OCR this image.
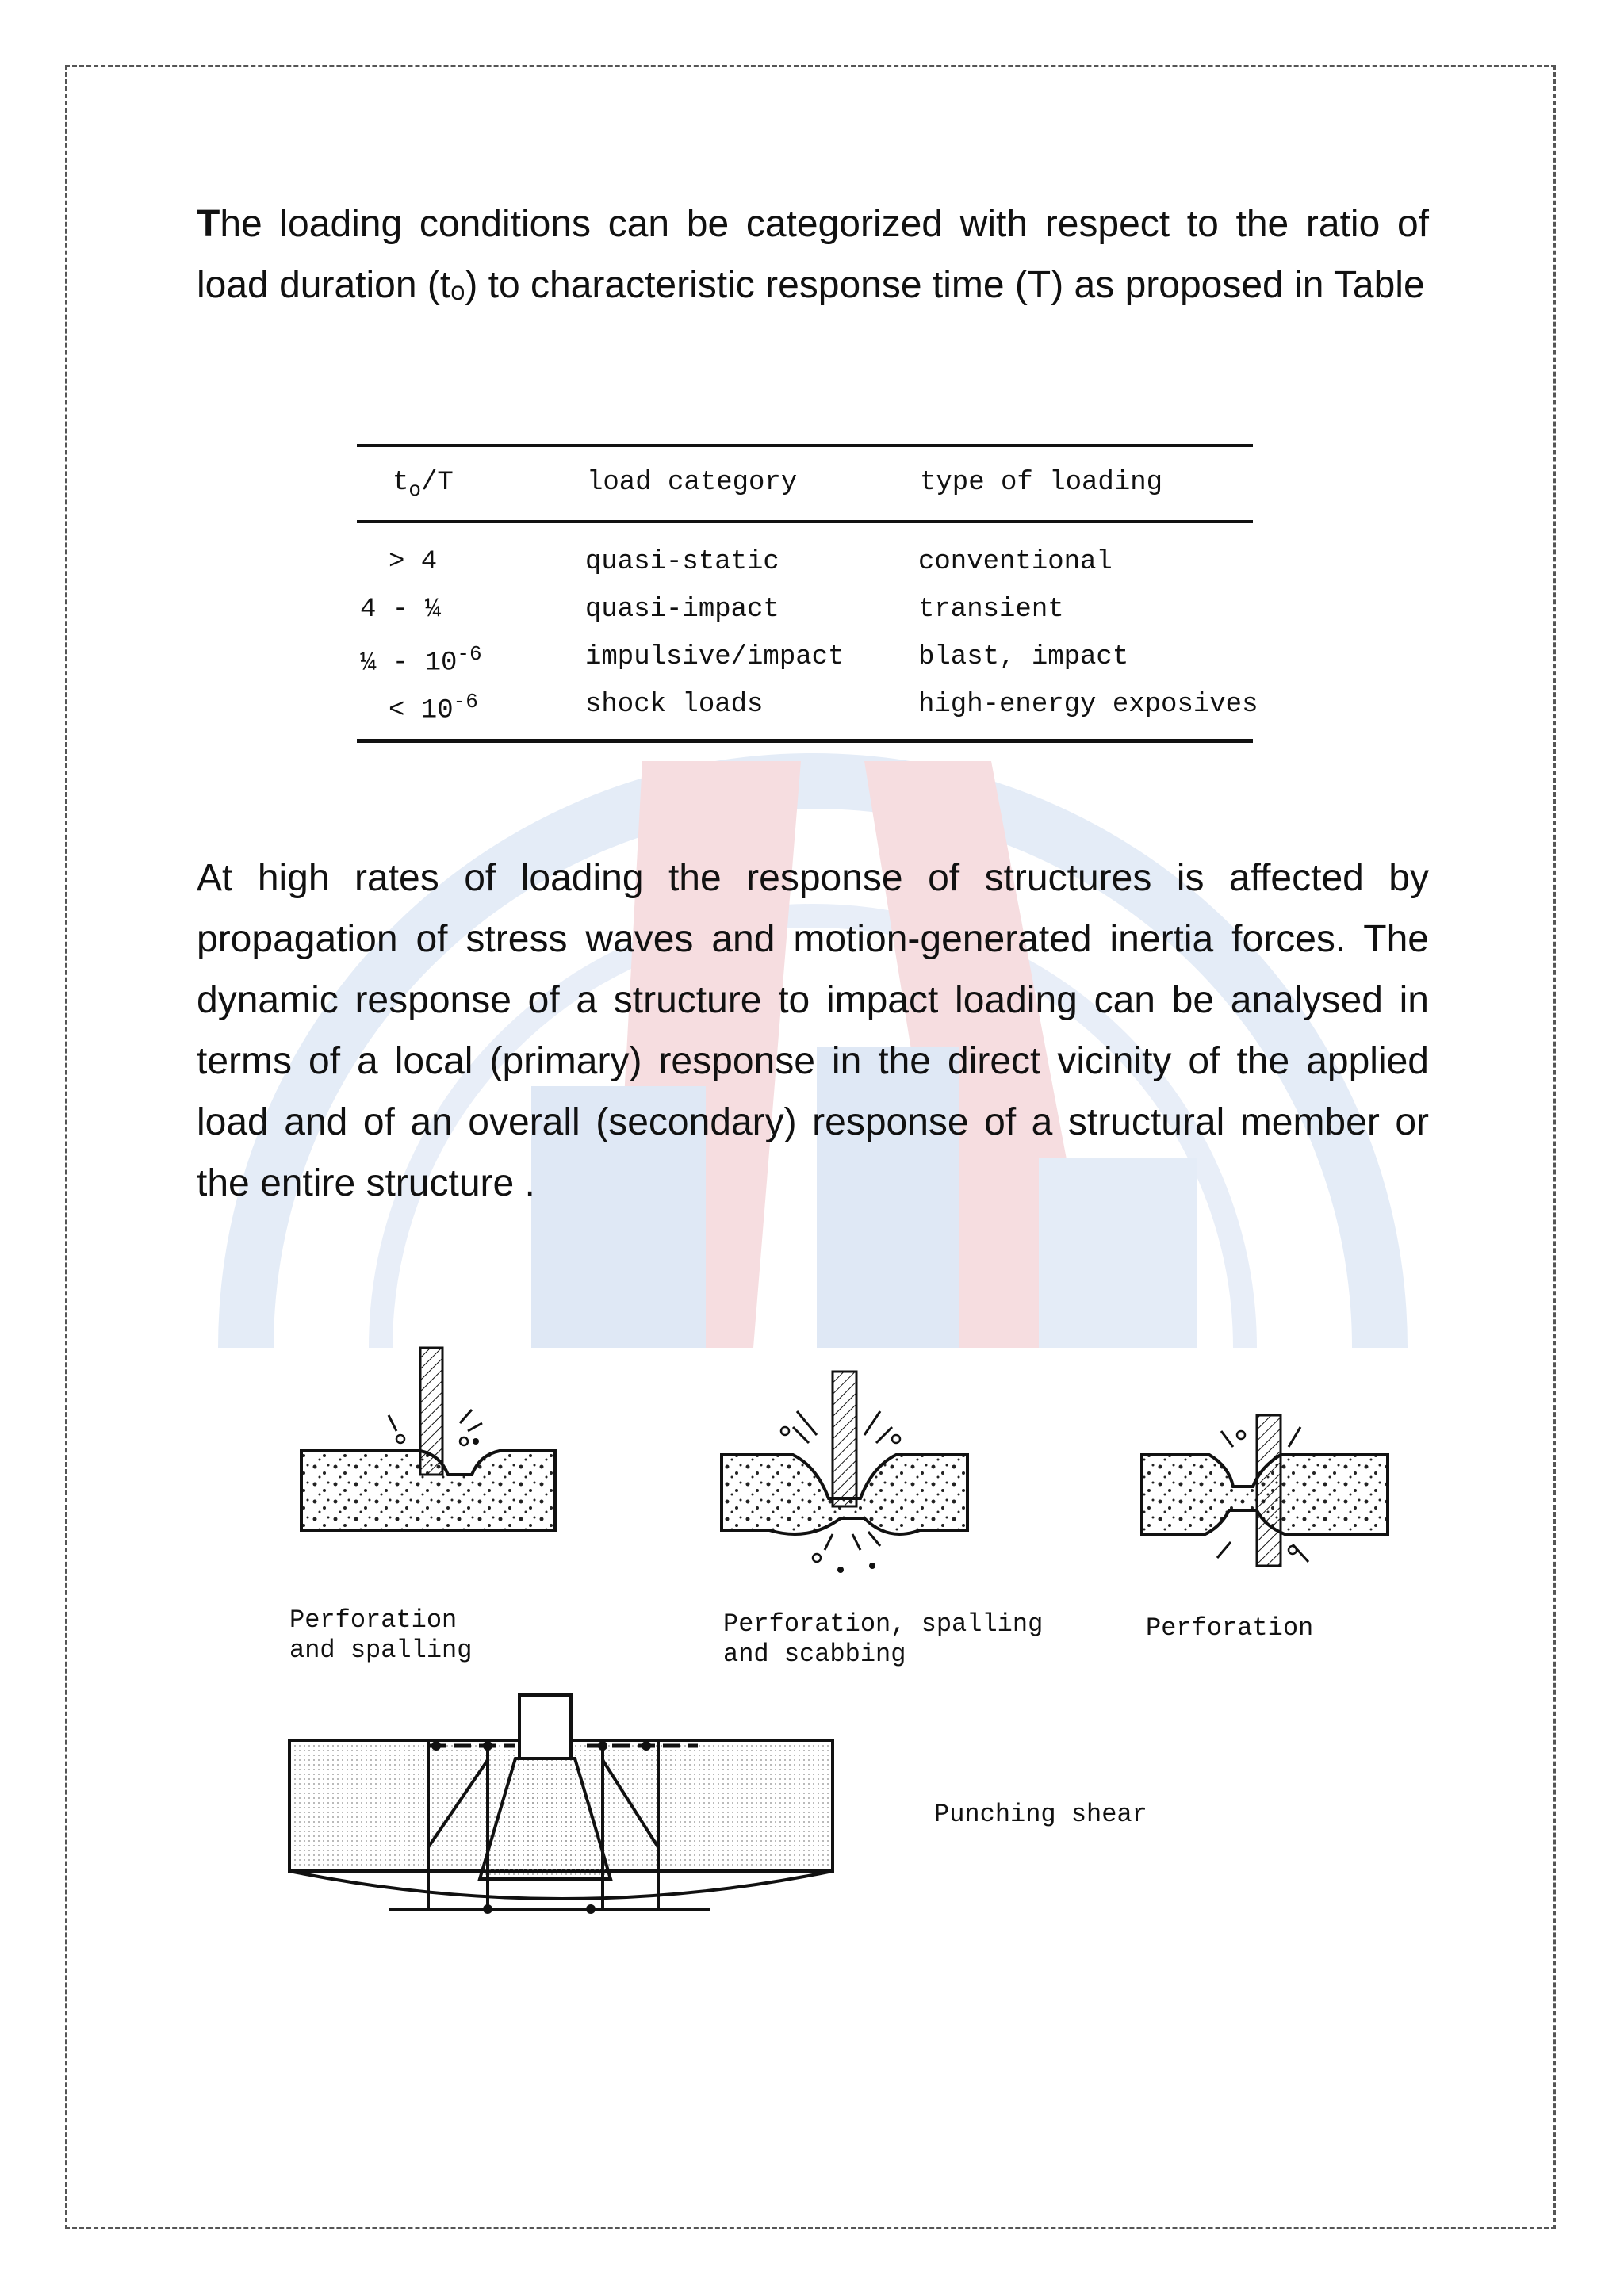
The loading conditions can be categorized with respect to the ratio of load duration (tₒ) to characteristic response time (T) as proposed in Table
$t_o/T$	load category	type of loading
> 4	quasi-static	conventional
4 - ¼	quasi-impact	transient
¼ - $10^{-6}$	impulsive/impact	blast, impact
< $10^{-6}$	shock loads	high-energy exposives
At high rates of loading the response of structures is affected by propagation of stress waves and motion-generated inertia forces. The dynamic response of a structure to impact loading can be analysed in terms of a local (primary) response in the direct vicinity of the applied load and of an overall (secondary) response of a structural member or the entire structure .
Perforation
and spalling
Perforation, spalling
and scabbing
Perforation
Punching shear
